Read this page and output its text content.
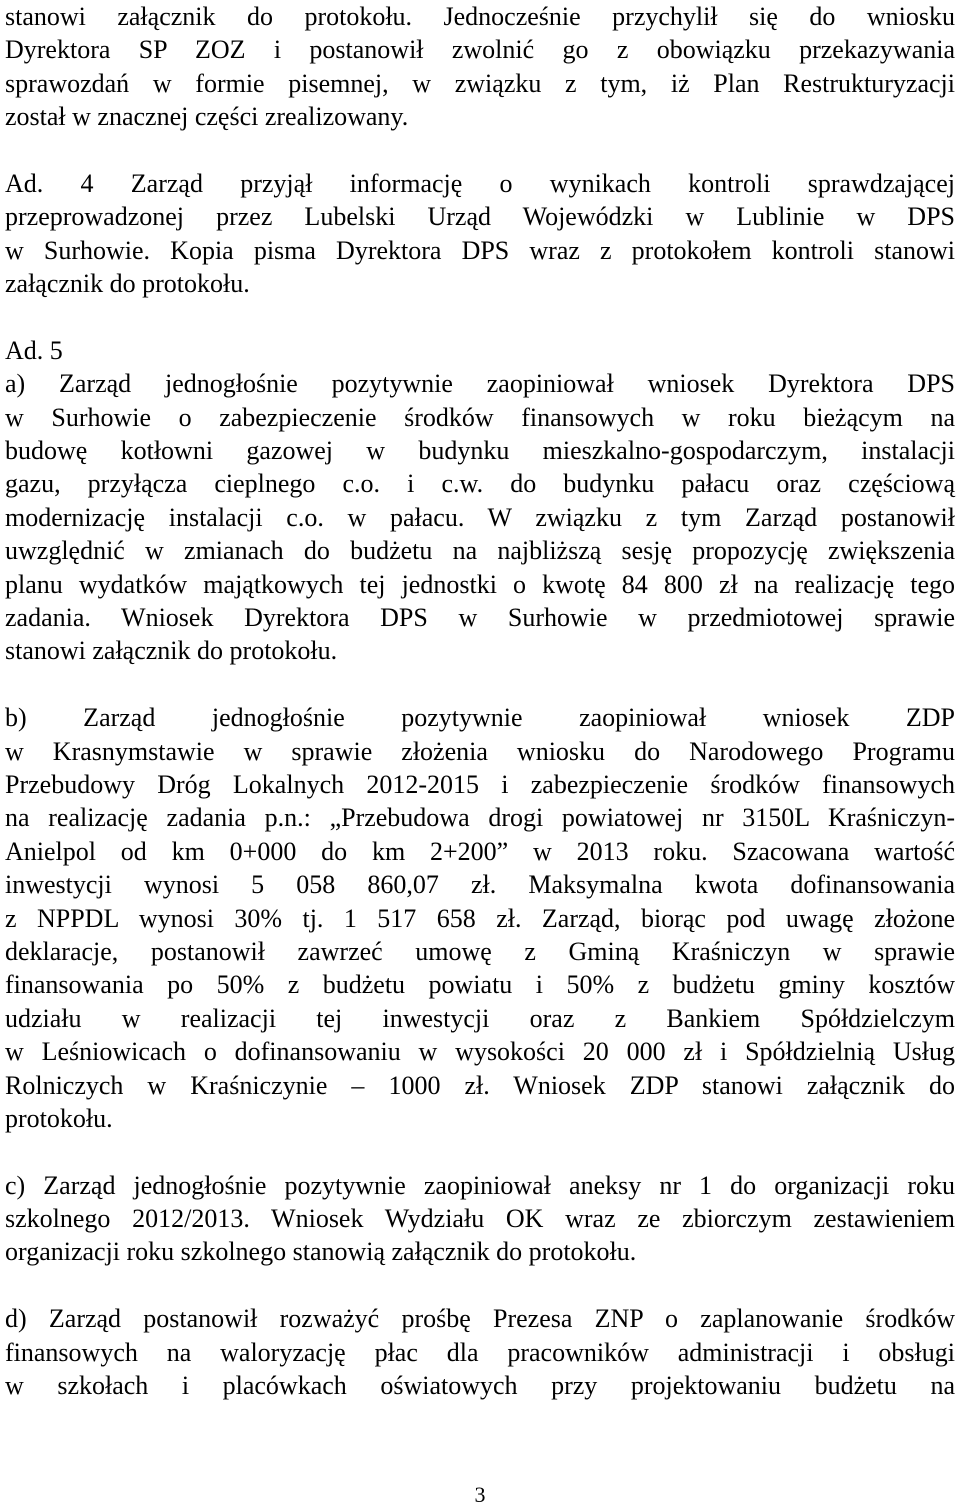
stanowi załącznik do protokołu. Jednocześnie przychylił się do wniosku
Dyrektora SP ZOZ i postanowił zwolnić go z obowiązku przekazywania
sprawozdań w formie pisemnej, w związku z tym, iż Plan Restrukturyzacji
został w znacznej części zrealizowany.
Ad. 4 Zarząd przyjął informację o wynikach kontroli sprawdzającej
przeprowadzonej przez Lubelski Urząd Wojewódzki w Lublinie w DPS
w Surhowie. Kopia pisma Dyrektora DPS wraz z protokołem kontroli stanowi
załącznik do protokołu.
Ad. 5
a) Zarząd jednogłośnie pozytywnie zaopiniował wniosek Dyrektora DPS
w Surhowie o zabezpieczenie środków finansowych w roku bieżącym na
budowę kotłowni gazowej w budynku mieszkalno-gospodarczym, instalacji
gazu, przyłącza cieplnego c.o. i c.w. do budynku pałacu oraz częściową
modernizację instalacji c.o. w pałacu. W związku z tym Zarząd postanowił
uwzględnić w zmianach do budżetu na najbliższą sesję propozycję zwiększenia
planu wydatków majątkowych tej jednostki o kwotę 84 800 zł na realizację tego
zadania. Wniosek Dyrektora DPS w Surhowie w przedmiotowej sprawie
stanowi załącznik do protokołu.
b) Zarząd jednogłośnie pozytywnie zaopiniował wniosek ZDP
w Krasnymstawie w sprawie złożenia wniosku do Narodowego Programu
Przebudowy Dróg Lokalnych 2012-2015 i zabezpieczenie środków finansowych
na realizację zadania p.n.: „Przebudowa drogi powiatowej nr 3150L Kraśniczyn-
Anielpol od km 0+000 do km 2+200” w 2013 roku. Szacowana wartość
inwestycji wynosi 5 058 860,07 zł. Maksymalna kwota dofinansowania
z NPPDL wynosi 30% tj. 1 517 658 zł. Zarząd, biorąc pod uwagę złożone
deklaracje, postanowił zawrzeć umowę z Gminą Kraśniczyn w sprawie
finansowania po 50% z budżetu powiatu i 50% z budżetu gminy kosztów
udziału w realizacji tej inwestycji oraz z Bankiem Spółdzielczym
w Leśniowicach o dofinansowaniu w wysokości 20 000 zł i Spółdzielnią Usług
Rolniczych w Kraśniczynie – 1000 zł. Wniosek ZDP stanowi załącznik do
protokołu.
c) Zarząd jednogłośnie pozytywnie zaopiniował aneksy nr 1 do organizacji roku
szkolnego 2012/2013. Wniosek Wydziału OK wraz ze zbiorczym zestawieniem
organizacji roku szkolnego stanowią załącznik do protokołu.
d) Zarząd postanowił rozważyć prośbę Prezesa ZNP o zaplanowanie środków
finansowych na waloryzację płac dla pracowników administracji i obsługi
w szkołach i placówkach oświatowych przy projektowaniu budżetu na
3
